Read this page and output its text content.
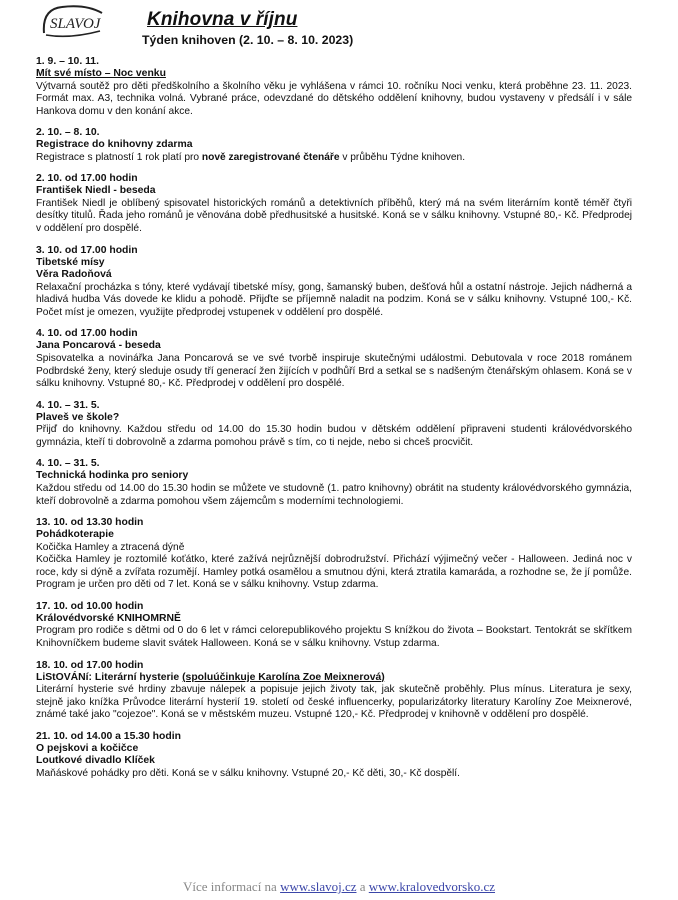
SLAVOJ Knihovna v říjnu
Týden knihoven (2. 10. – 8. 10. 2023)
1. 9. – 10. 11.
Mít své místo – Noc venku

Výtvarná soutěž pro děti předškolního a školního věku je vyhlášena v rámci 10. ročníku Noci venku, která proběhne 23. 11. 2023. Formát max. A3, technika volná. Vybrané práce, odevzdané do dětského oddělení knihovny, budou vystaveny v předsálí i v sále Hankova domu v den konání akce.

2. 10. – 8. 10.
Registrace do knihovny zdarma

Registrace s platností 1 rok platí pro nově zaregistrované čtenáře v průběhu Týdne knihoven.

2. 10. od 17.00 hodin
František Niedl - beseda

František Niedl je oblíbený spisovatel historických románů a detektivních příběhů, který má na svém literárním kontě téměř čtyři desítky titulů. Řada jeho románů je věnována době předhusitské a husitské. Koná se v sálku knihovny. Vstupné 80,- Kč. Předprodej v oddělení pro dospělé.

3. 10. od 17.00 hodin
Tibetské mísy
Věra Radoňová

Relaxační procházka s tóny, které vydávají tibetské mísy, gong, šamanský buben, dešťová hůl a ostatní nástroje. Jejich nádherná a hladivá hudba Vás dovede ke klidu a pohodě. Přijďte se příjemně naladit na podzim. Koná se v sálku knihovny. Vstupné 100,- Kč. Počet míst je omezen, využijte předprodej vstupenek v oddělení pro dospělé.

4. 10. od 17.00 hodin
Jana Poncarová - beseda

Spisovatelka a novinářka Jana Poncarová se ve své tvorbě inspiruje skutečnými událostmi. Debutovala v roce 2018 románem Podbrdské ženy, který sleduje osudy tří generací žen žijících v podhůří Brd a setkal se s nadšeným čtenářským ohlasem. Koná se v sálku knihovny. Vstupné 80,- Kč. Předprodej v oddělení pro dospělé.

4. 10. – 31. 5.
Plaveš ve škole?

Přijď do knihovny. Každou středu od 14.00 do 15.30 hodin budou v dětském oddělení připraveni studenti královédvorského gymnázia, kteří ti dobrovolně a zdarma pomohou právě s tím, co ti nejde, nebo si chceš procvičit.

4. 10. – 31. 5.
Technická hodinka pro seniory

Každou středu od 14.00 do 15.30 hodin se můžete ve studovně (1. patro knihovny) obrátit na studenty královédvorského gymnázia, kteří dobrovolně a zdarma pomohou všem zájemcům s moderními technologiemi.

13. 10. od 13.30 hodin
Pohádkoterapie

Kočička Hamley a ztracená dýně

Kočička Hamley je roztomilé koťátko, které zažívá nejrůznější dobrodružství. Přichází výjimečný večer - Halloween. Jediná noc v roce, kdy si dýně a zvířata rozumějí. Hamley potká osamělou a smutnou dýni, která ztratila kamaráda, a rozhodne se, že jí pomůže. Program je určen pro děti od 7 let. Koná se v sálku knihovny. Vstup zdarma.

17. 10. od 10.00 hodin
Královédvorské KNIHOMRNĚ

Program pro rodiče s dětmi od 0 do 6 let v rámci celorepublikového projektu S knížkou do života – Bookstart. Tentokrát se skřítkem Knihovníčkem budeme slavit svátek Halloween. Koná se v sálku knihovny. Vstup zdarma.

18. 10. od 17.00 hodin
LiStOVÁNí: Literární hysterie (spoluúčinkuje Karolína Zoe Meixnerová)

Literární hysterie své hrdiny zbavuje nálepek a popisuje jejich životy tak, jak skutečně proběhly. Plus mínus. Literatura je sexy, stejně jako knížka Průvodce literární hysterií 19. století od české influencerky, popularizátorky literatury Karolíny Zoe Meixnerové, známé také jako "cojezoe". Koná se v městském muzeu. Vstupné 120,- Kč. Předprodej v knihovně v oddělení pro dospělé.

21. 10. od 14.00 a 15.30 hodin
O pejskovi a kočičce
Loutkové divadlo Klíček

Maňáskové pohádky pro děti. Koná se v sálku knihovny. Vstupné 20,- Kč děti, 30,- Kč dospělí.

Více informací na www.slavoj.cz a www.kralovedvorsko.cz
